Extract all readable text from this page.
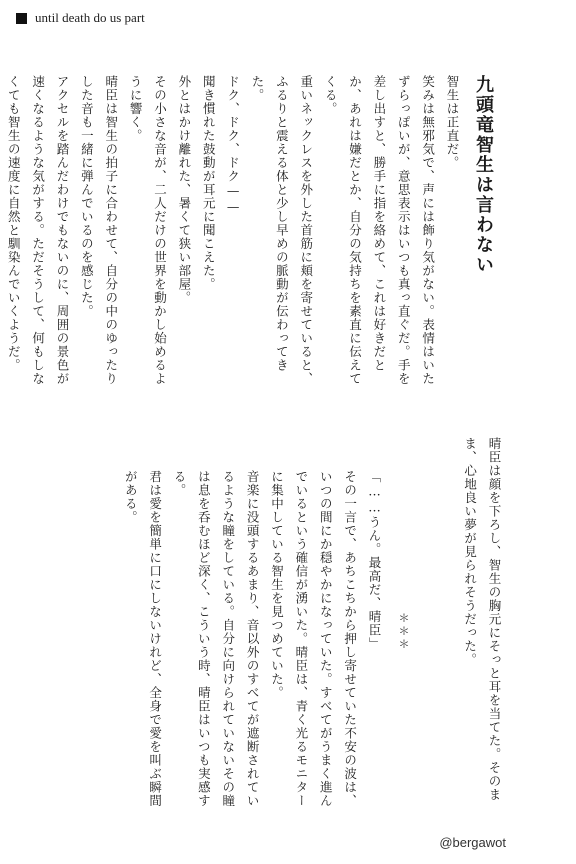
until death do us part
九頭竜智生は言わない
智生は正直だ。
笑みは無邪気で、声には飾り気がない。表情はいたずらっぽいが、意思表示はいつも真っ直ぐだ。手を差し出すと、勝手に指を絡めて、これは好きだとか、あれは嫌だとか、自分の気持ちを素直に伝えてくる。
重いネックレスを外した首筋に頬を寄せていると、ふるりと震える体と少し早めの脈動が伝わってきた。
ドク、ドク、ドク——
聞き慣れた鼓動が耳元に聞こえた。
外とはかけ離れた、暑くて狭い部屋。
その小さな音が、二人だけの世界を動かし始めるように響く。
晴臣は智生の拍子に合わせて、自分の中のゆったりした音も一緒に弾んでいるのを感じた。
アクセルを踏んだわけでもないのに、周囲の景色が速くなるような気がする。ただそうして、何もしなくても智生の速度に自然と馴染んでいくようだ。
晴臣は顔を下ろし、智生の胸元にそっと耳を当てた。そのまま、心地良い夢が見られそうだった。
＊＊＊
「……うん。最高だ、晴臣」
その一言で、あちこちから押し寄せていた不安の波は、いつの間にか穏やかになっていた。すべてがうまく進んでいるという確信が湧いた。晴臣は、青く光るモニターに集中している智生を見つめていた。
音楽に没頭するあまり、音以外のすべてが遮断されているような瞳をしている。自分に向けられていないその瞳は息を呑むほど深く、こういう時、晴臣はいつも実感する。
君は愛を簡単に口にしないけれど、全身で愛を叫ぶ瞬間がある。
@bergawot
